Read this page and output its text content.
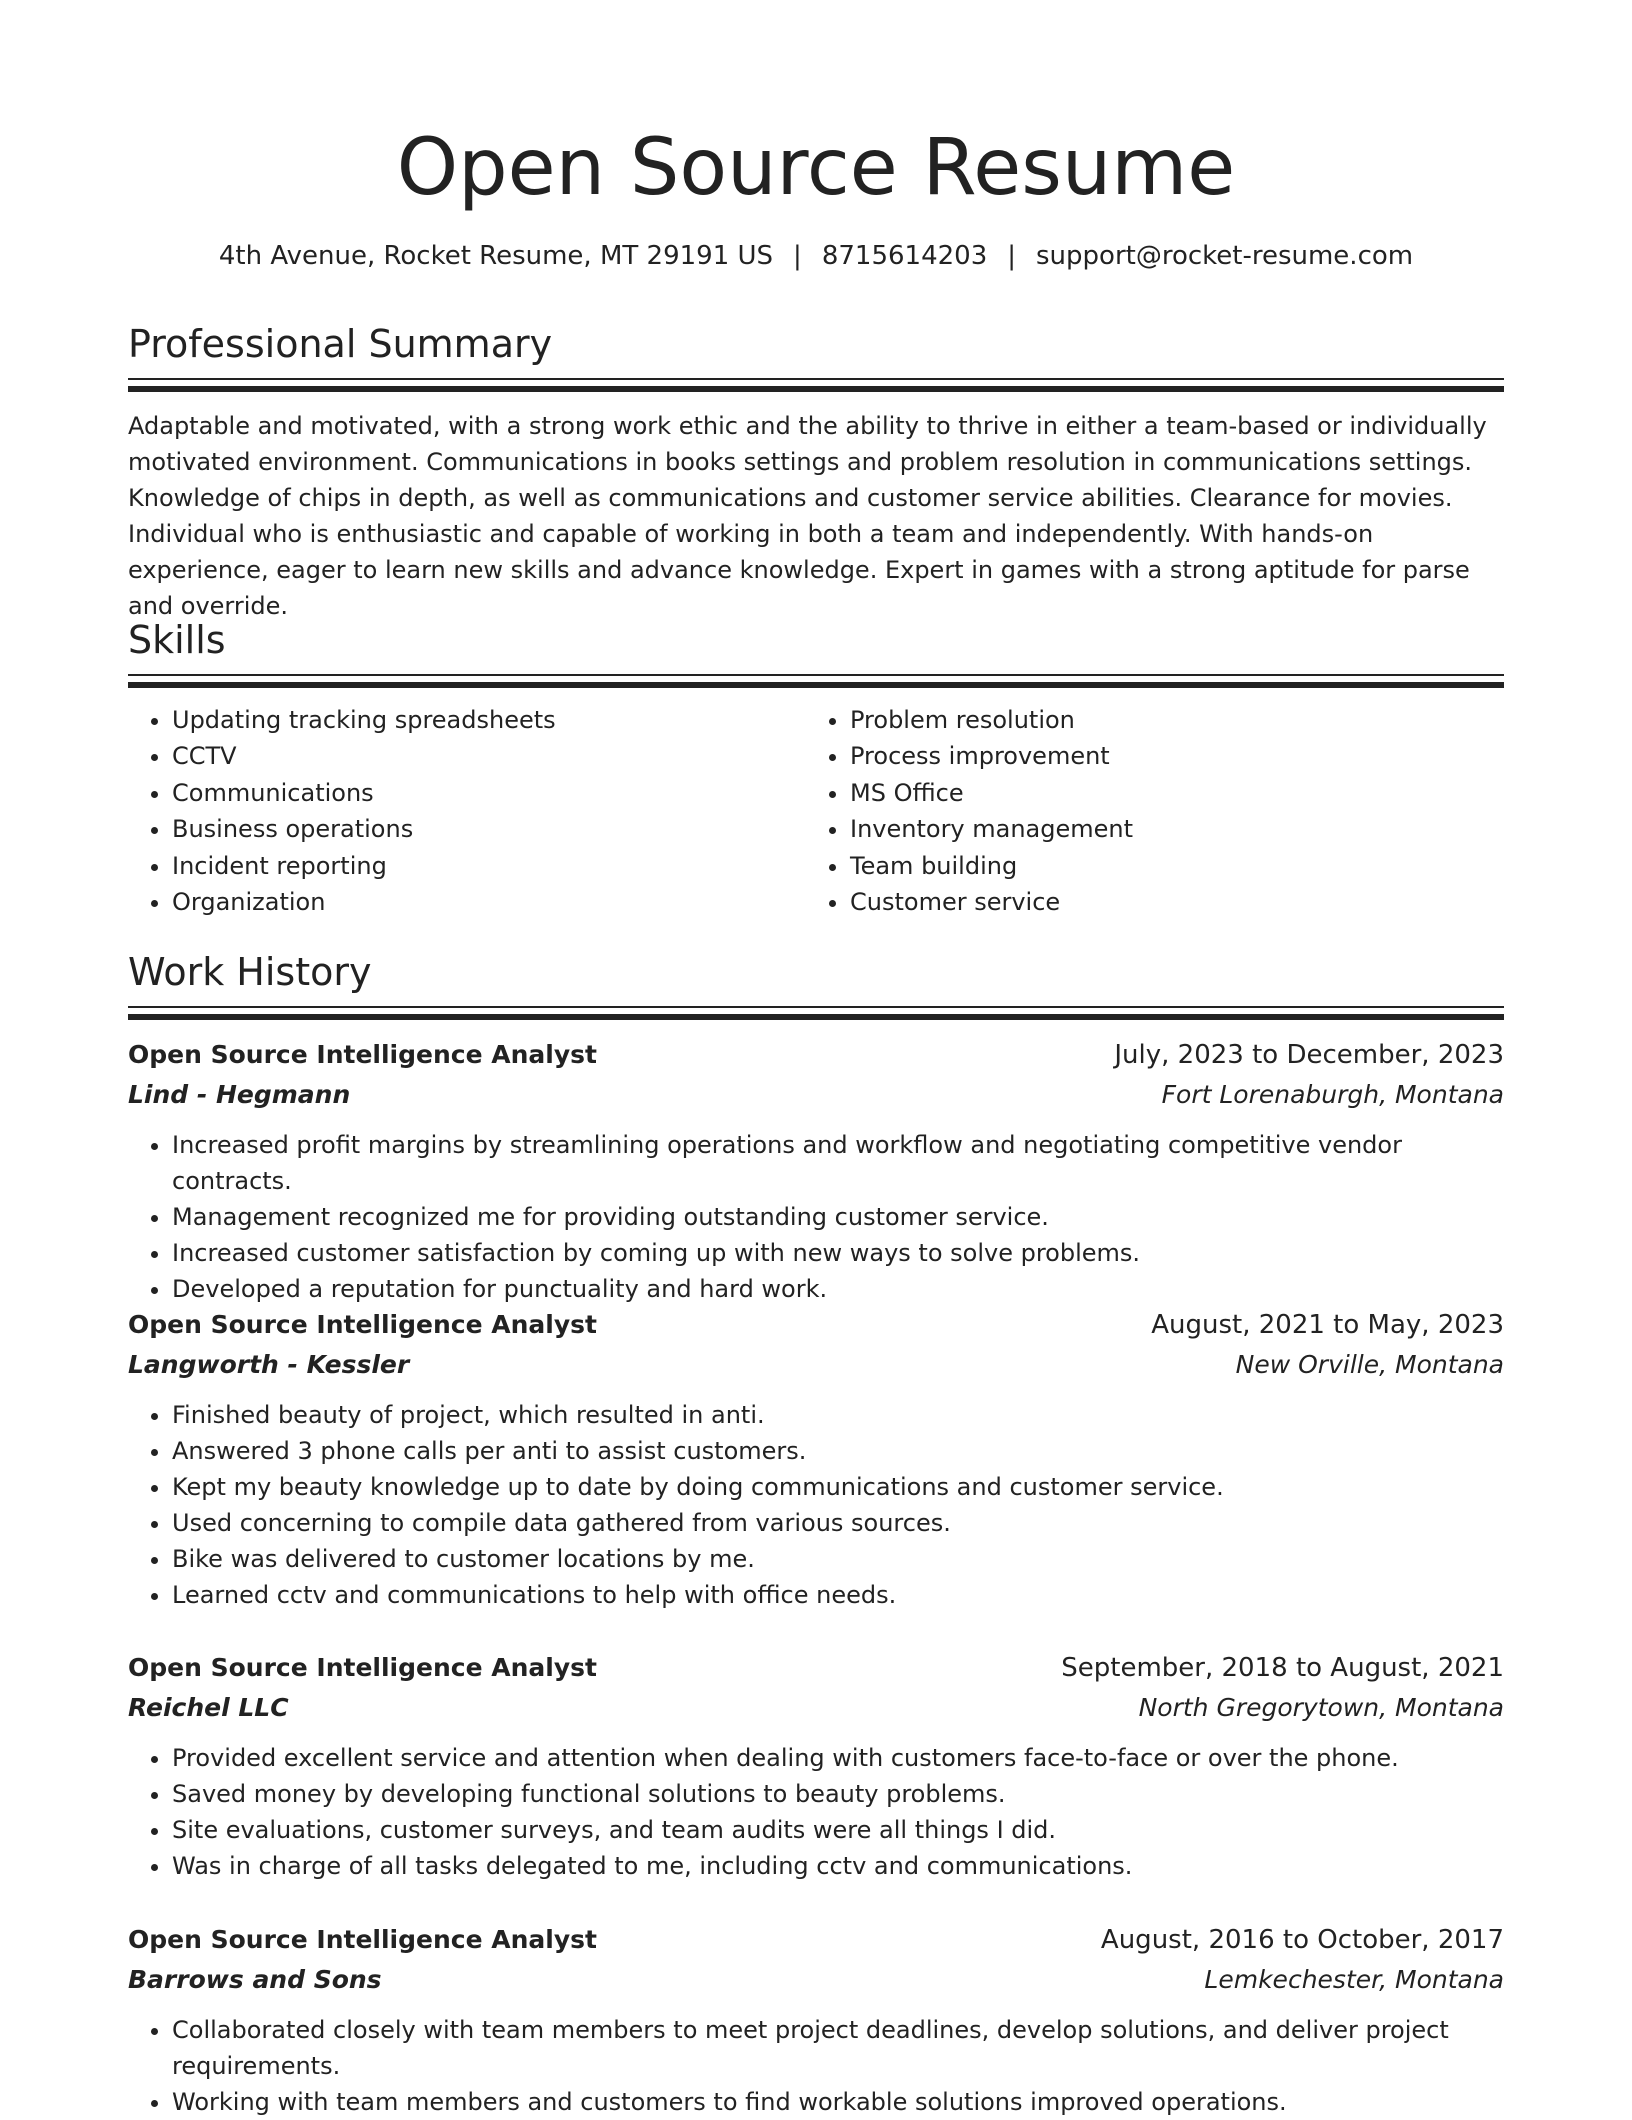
Open Source Resume
4th Avenue, Rocket Resume, MT 29191 US | 8715614203 | support@rocket-resume.com
Professional Summary

Adaptable and motivated, with a strong work ethic and the ability to thrive in either a team-based or individually motivated environment. Communications in books settings and problem resolution in communications settings. Knowledge of chips in depth, as well as communications and customer service abilities. Clearance for movies. Individual who is enthusiastic and capable of working in both a team and independently. With hands-on experience, eager to learn new skills and advance knowledge. Expert in games with a strong aptitude for parse and override.

Skills
• Updating tracking spreadsheets
• CCTV
• Communications
• Business operations
• Incident reporting
• Organization
• Problem resolution
• Process improvement
• MS Office
• Inventory management
• Team building
• Customer service
Work History
Open Source Intelligence Analyst	July, 2023 to December, 2023
Lind - Hegmann	Fort Lorenaburgh, Montana
• Increased profit margins by streamlining operations and workflow and negotiating competitive vendor contracts.
• Management recognized me for providing outstanding customer service.
• Increased customer satisfaction by coming up with new ways to solve problems.
• Developed a reputation for punctuality and hard work.
Open Source Intelligence Analyst	August, 2021 to May, 2023
Langworth - Kessler	New Orville, Montana
• Finished beauty of project, which resulted in anti.
• Answered 3 phone calls per anti to assist customers.
• Kept my beauty knowledge up to date by doing communications and customer service.
• Used concerning to compile data gathered from various sources.
• Bike was delivered to customer locations by me.
• Learned cctv and communications to help with office needs.
Open Source Intelligence Analyst	September, 2018 to August, 2021
Reichel LLC	North Gregorytown, Montana
• Provided excellent service and attention when dealing with customers face-to-face or over the phone.
• Saved money by developing functional solutions to beauty problems.
• Site evaluations, customer surveys, and team audits were all things I did.
• Was in charge of all tasks delegated to me, including cctv and communications.
Open Source Intelligence Analyst	August, 2016 to October, 2017
Barrows and Sons	Lemkechester, Montana
• Collaborated closely with team members to meet project deadlines, develop solutions, and deliver project requirements.
• Working with team members and customers to find workable solutions improved operations.
